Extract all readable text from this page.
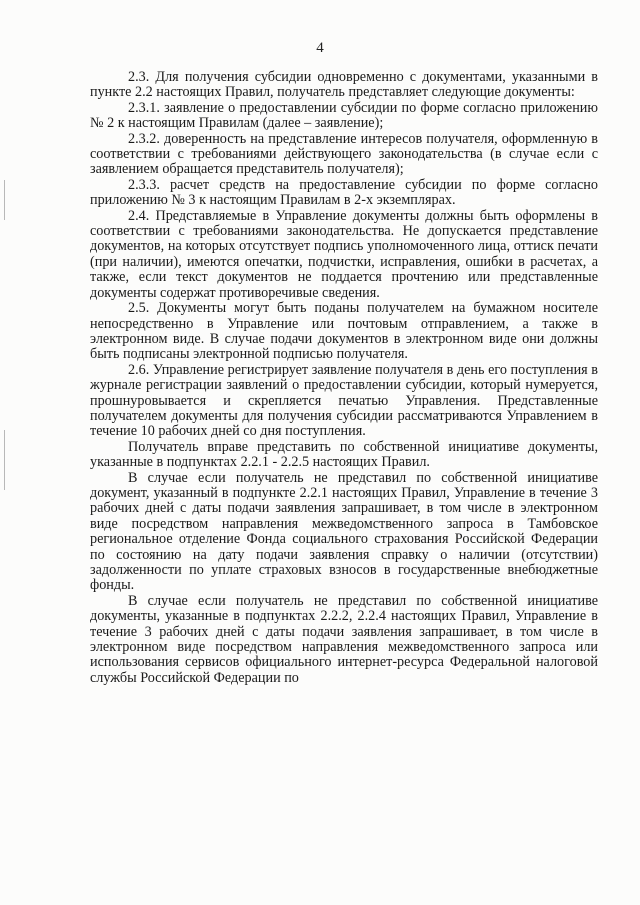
4

2.3. Для получения субсидии одновременно с документами, указанными в пункте 2.2 настоящих Правил, получатель представляет следующие документы:

2.3.1. заявление о предоставлении субсидии по форме согласно приложению № 2 к настоящим Правилам (далее – заявление);

2.3.2. доверенность на представление интересов получателя, оформленную в соответствии с требованиями действующего законодательства (в случае если с заявлением обращается представитель получателя);

2.3.3. расчет средств на предоставление субсидии по форме согласно приложению № 3 к настоящим Правилам в 2-х экземплярах.

2.4. Представляемые в Управление документы должны быть оформлены в соответствии с требованиями законодательства. Не допускается представление документов, на которых отсутствует подпись уполномоченного лица, оттиск печати (при наличии), имеются опечатки, подчистки, исправления, ошибки в расчетах, а также, если текст документов не поддается прочтению или представленные документы содержат противоречивые сведения.

2.5. Документы могут быть поданы получателем на бумажном носителе непосредственно в Управление или почтовым отправлением, а также в электронном виде. В случае подачи документов в электронном виде они должны быть подписаны электронной подписью получателя.

2.6. Управление регистрирует заявление получателя в день его поступления в журнале регистрации заявлений о предоставлении субсидии, который нумеруется, прошнуровывается и скрепляется печатью Управления. Представленные получателем документы для получения субсидии рассматриваются Управлением в течение 10 рабочих дней со дня поступления.

Получатель вправе представить по собственной инициативе документы, указанные в подпунктах 2.2.1 - 2.2.5 настоящих Правил.

В случае если получатель не представил по собственной инициативе документ, указанный в подпункте 2.2.1 настоящих Правил, Управление в течение 3 рабочих дней с даты подачи заявления запрашивает, в том числе в электронном виде посредством направления межведомственного запроса в Тамбовское региональное отделение Фонда социального страхования Российской Федерации по состоянию на дату подачи заявления справку о наличии (отсутствии) задолженности по уплате страховых взносов в государственные внебюджетные фонды.

В случае если получатель не представил по собственной инициативе документы, указанные в подпунктах 2.2.2, 2.2.4 настоящих Правил, Управление в течение 3 рабочих дней с даты подачи заявления запрашивает, в том числе в электронном виде посредством направления межведомственного запроса или использования сервисов официального интернет-ресурса Федеральной налоговой службы Российской Федерации по
